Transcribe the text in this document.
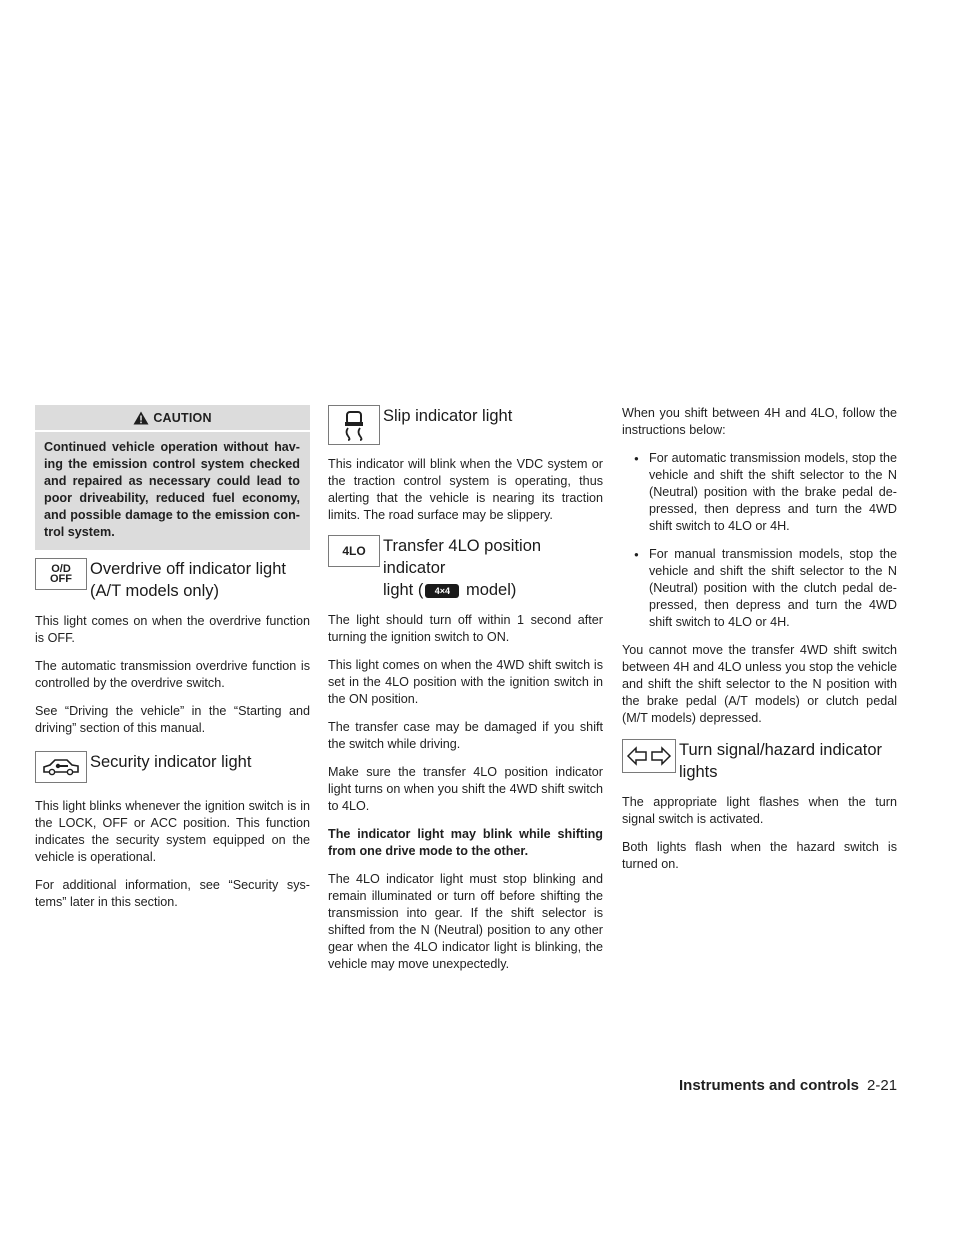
CAUTION
Continued vehicle operation without hav-ing the emission control system checked and repaired as necessary could lead to poor driveability, reduced fuel economy, and possible damage to the emission con-trol system.
O/D
OFF
Overdrive off indicator light
(A/T models only)

This light comes on when the overdrive function is OFF.

The automatic transmission overdrive function is controlled by the overdrive switch.

See “Driving the vehicle” in the “Starting and driving” section of this manual.

Security indicator light

This light blinks whenever the ignition switch is in the LOCK, OFF or ACC position. This function indicates the security system equipped on the vehicle is operational.

For additional information, see “Security sys-tems” later in this section.

Slip indicator light

This indicator will blink when the VDC system or the traction control system is operating, thus alerting that the vehicle is nearing its traction limits. The road surface may be slippery.

4LO Transfer 4LO position indicator
light ( 4×4 model)

The light should turn off within 1 second after turning the ignition switch to ON.

This light comes on when the 4WD shift switch is set in the 4LO position with the ignition switch in the ON position.

The transfer case may be damaged if you shift the switch while driving.

Make sure the transfer 4LO position indicator light turns on when you shift the 4WD shift switch to 4LO.

The indicator light may blink while shifting from one drive mode to the other.

The 4LO indicator light must stop blinking and remain illuminated or turn off before shifting the transmission into gear. If the shift selector is shifted from the N (Neutral) position to any other gear when the 4LO indicator light is blinking, the vehicle may move unexpectedly.

When you shift between 4H and 4LO, follow the instructions below:

● For automatic transmission models, stop the vehicle and shift the shift selector to the N (Neutral) position with the brake pedal de-pressed, then depress and turn the 4WD shift switch to 4LO or 4H.

● For manual transmission models, stop the vehicle and shift the shift selector to the N (Neutral) position with the clutch pedal de-pressed, then depress and turn the 4WD shift switch to 4LO or 4H.

You cannot move the transfer 4WD shift switch between 4H and 4LO unless you stop the vehicle and shift the shift selector to the N position with the brake pedal (A/T models) or clutch pedal (M/T models) depressed.

Turn signal/hazard indicator
lights

The appropriate light flashes when the turn signal switch is activated.

Both lights flash when the hazard switch is turned on.

Instruments and controls 2-21
